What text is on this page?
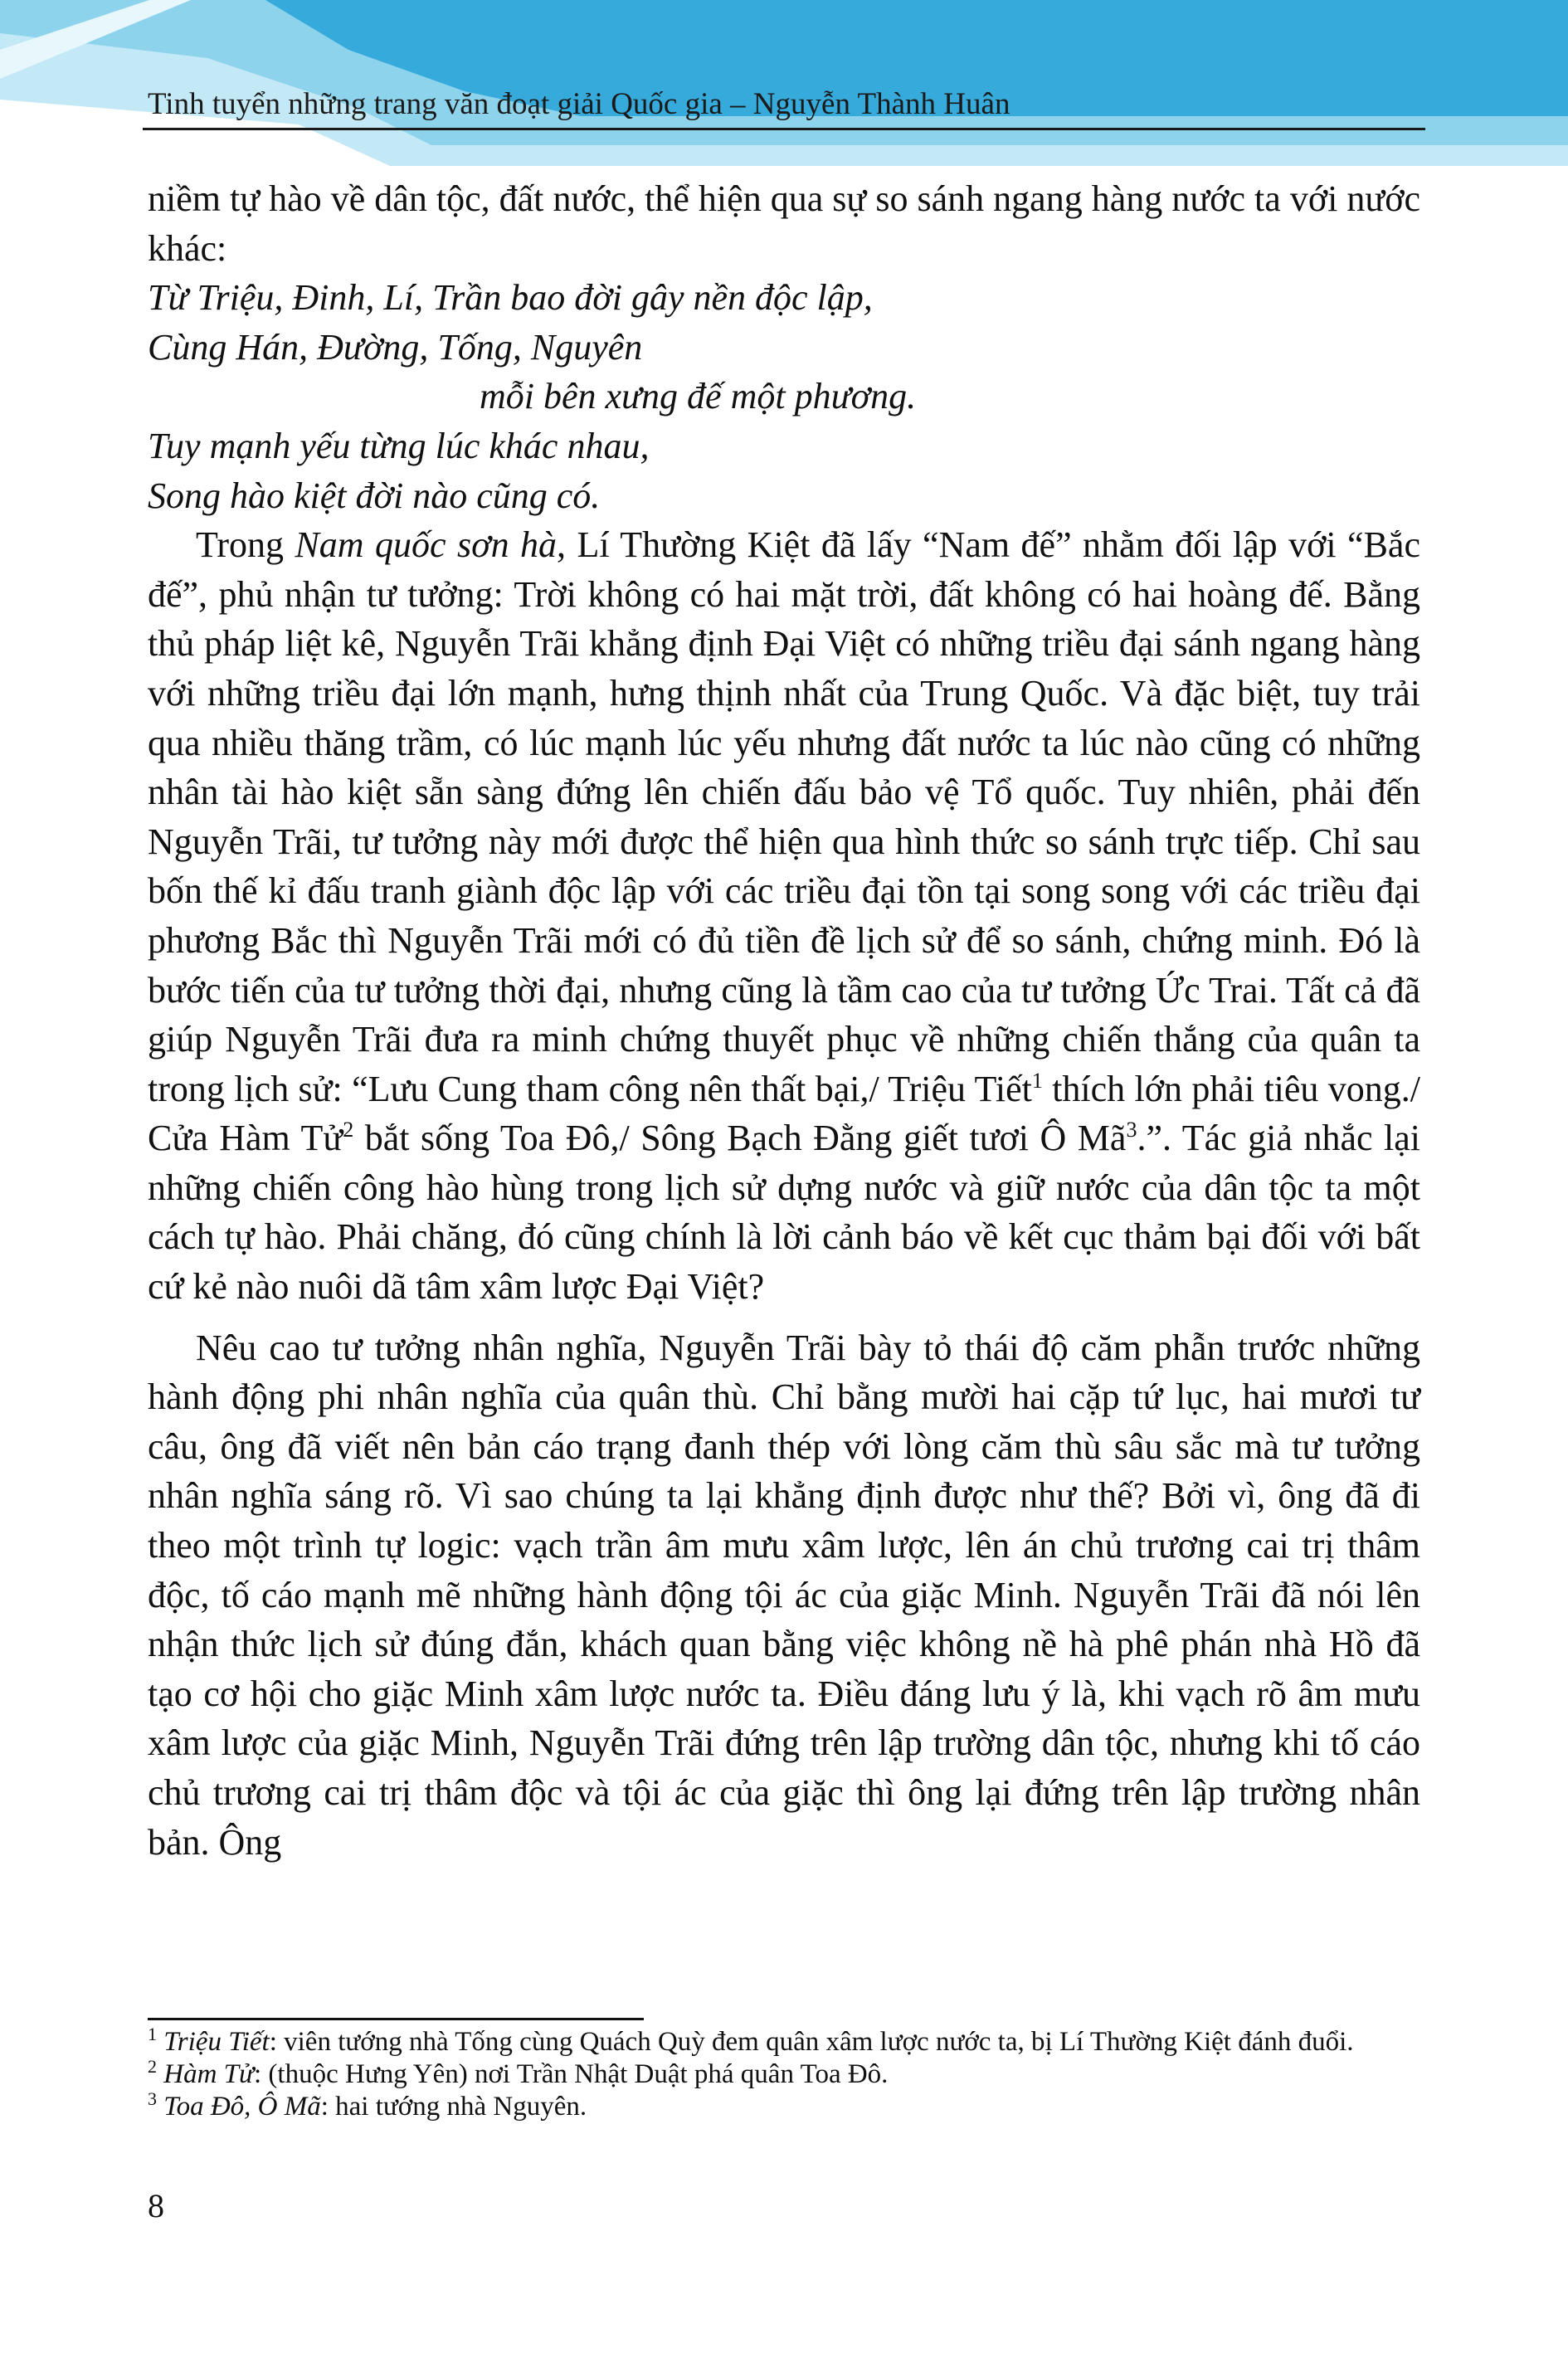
Tinh tuyển những trang văn đoạt giải Quốc gia – Nguyễn Thành Huân

niềm tự hào về dân tộc, đất nước, thể hiện qua sự so sánh ngang hàng nước ta với nước khác:

Từ Triệu, Đinh, Lí, Trần bao đời gây nền độc lập,
Cùng Hán, Đường, Tống, Nguyên
mỗi bên xưng đế một phương.
Tuy mạnh yếu từng lúc khác nhau,
Song hào kiệt đời nào cũng có.

Trong Nam quốc sơn hà, Lí Thường Kiệt đã lấy “Nam đế” nhằm đối lập với “Bắc đế”, phủ nhận tư tưởng: Trời không có hai mặt trời, đất không có hai hoàng đế. Bằng thủ pháp liệt kê, Nguyễn Trãi khẳng định Đại Việt có những triều đại sánh ngang hàng với những triều đại lớn mạnh, hưng thịnh nhất của Trung Quốc. Và đặc biệt, tuy trải qua nhiều thăng trầm, có lúc mạnh lúc yếu nhưng đất nước ta lúc nào cũng có những nhân tài hào kiệt sẵn sàng đứng lên chiến đấu bảo vệ Tổ quốc. Tuy nhiên, phải đến Nguyễn Trãi, tư tưởng này mới được thể hiện qua hình thức so sánh trực tiếp. Chỉ sau bốn thế kỉ đấu tranh giành độc lập với các triều đại tồn tại song song với các triều đại phương Bắc thì Nguyễn Trãi mới có đủ tiền đề lịch sử để so sánh, chứng minh. Đó là bước tiến của tư tưởng thời đại, nhưng cũng là tầm cao của tư tưởng Ức Trai. Tất cả đã giúp Nguyễn Trãi đưa ra minh chứng thuyết phục về những chiến thắng của quân ta trong lịch sử: “Lưu Cung tham công nên thất bại,/ Triệu Tiết$^1$ thích lớn phải tiêu vong./ Cửa Hàm Tử$^2$ bắt sống Toa Đô,/ Sông Bạch Đằng giết tươi Ô $Mã^3$.”. Tác giả nhắc lại những chiến công hào hùng trong lịch sử dựng nước và giữ nước của dân tộc ta một cách tự hào. Phải chăng, đó cũng chính là lời cảnh báo về kết cục thảm bại đối với bất cứ kẻ nào nuôi dã tâm xâm lược Đại Việt?

Nêu cao tư tưởng nhân nghĩa, Nguyễn Trãi bày tỏ thái độ căm phẫn trước những hành động phi nhân nghĩa của quân thù. Chỉ bằng mười hai cặp tứ lục, hai mươi tư câu, ông đã viết nên bản cáo trạng đanh thép với lòng căm thù sâu sắc mà tư tưởng nhân nghĩa sáng rõ. Vì sao chúng ta lại khẳng định được như thế? Bởi vì, ông đã đi theo một trình tự logic: vạch trần âm mưu xâm lược, lên án chủ trương cai trị thâm độc, tố cáo mạnh mẽ những hành động tội ác của giặc Minh. Nguyễn Trãi đã nói lên nhận thức lịch sử đúng đắn, khách quan bằng việc không nề hà phê phán nhà Hồ đã tạo cơ hội cho giặc Minh xâm lược nước ta. Điều đáng lưu ý là, khi vạch rõ âm mưu xâm lược của giặc Minh, Nguyễn Trãi đứng trên lập trường dân tộc, nhưng khi tố cáo chủ trương cai trị thâm độc và tội ác của giặc thì ông lại đứng trên lập trường nhân bản. Ông

$^1$ Triệu Tiết: viên tướng nhà Tống cùng Quách Quỳ đem quân xâm lược nước ta, bị Lí Thường Kiệt đánh đuổi.

$^2$ Hàm Tử: (thuộc Hưng Yên) nơi Trần Nhật Duật phá quân Toa Đô.

$^3$ Toa Đô, Ô Mã: hai tướng nhà Nguyên.

8
